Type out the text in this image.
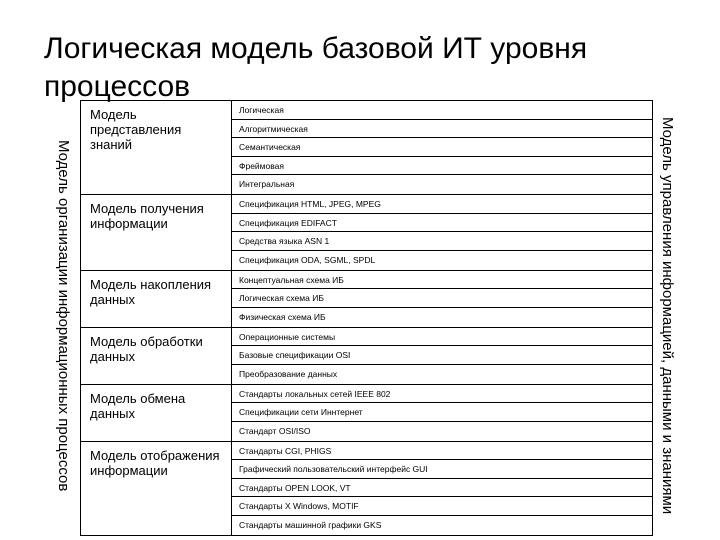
Логическая модель базовой ИТ уровня процессов
Модель организации информационных процессов	Модель управления информацией, данными и знаниями
Модель представления знаний	Логическая
Алгоритмическая
Семантическая
Фреймовая
Интегральная

Модель получения информации	Спецификация HTML, JPEG, MPEG
Спецификация EDIFACT
Средства языка ASN 1
Спецификация ODA, SGML, SPDL

Модель накопления данных	Концептуальная схема ИБ
Логическая схема ИБ
Физическая схема ИБ

Модель обработки данных	Операционные системы
Базовые спецификации OSI
Преобразование данных

Модель обмена данных	Стандарты локальных сетей IEEE 802
Спецификации сети Иннтернет
Стандарт OSI/ISO

Модель отображения информации	Стандарты CGI, PHIGS
Графический пользовательский интерфейс GUI
Стандарты OPEN LOOK, VT
Стандарты X Windows, MOTIF
Стандарты машинной графики GKS
